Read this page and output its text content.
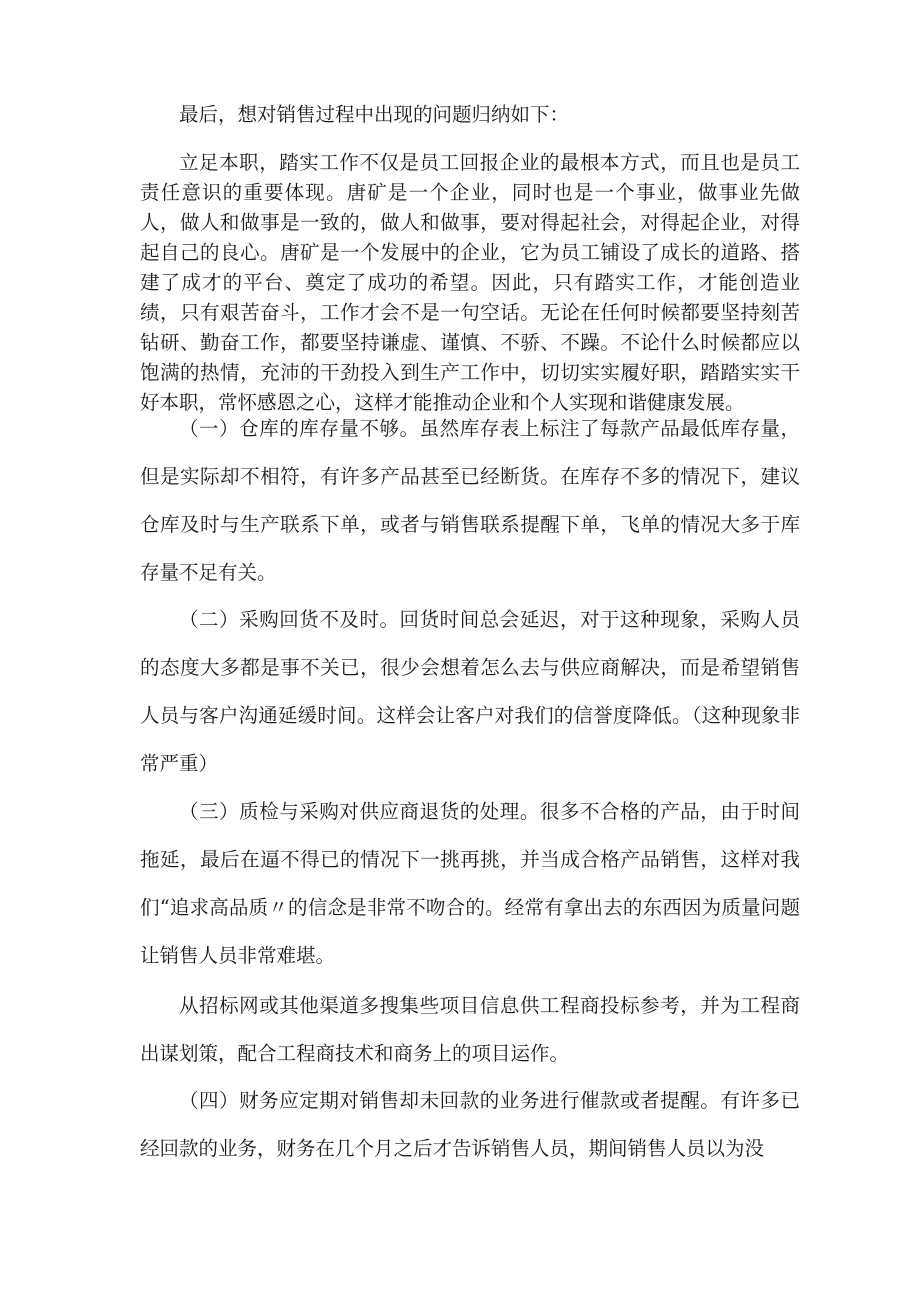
最后，想对销售过程中出现的问题归纳如下：

立足本职，踏实工作不仅是员工回报企业的最根本方式，而且也是员工责任意识的重要体现。唐矿是一个企业，同时也是一个事业，做事业先做人，做人和做事是一致的，做人和做事，要对得起社会，对得起企业，对得起自己的良心。唐矿是一个发展中的企业，它为员工铺设了成长的道路、搭建了成才的平台、奠定了成功的希望。因此，只有踏实工作，才能创造业绩，只有艰苦奋斗，工作才会不是一句空话。无论在任何时候都要坚持刻苦钻研、勤奋工作，都要坚持谦虚、谨慎、不骄、不躁。不论什么时候都应以饱满的热情，充沛的干劲投入到生产工作中，切切实实履好职，踏踏实实干好本职，常怀感恩之心，这样才能推动企业和个人实现和谐健康发展。

（一）仓库的库存量不够。虽然库存表上标注了每款产品最低库存量，但是实际却不相符，有许多产品甚至已经断货。在库存不多的情况下，建议仓库及时与生产联系下单，或者与销售联系提醒下单，飞单的情况大多于库存量不足有关。

（二）采购回货不及时。回货时间总会延迟，对于这种现象，采购人员的态度大多都是事不关已，很少会想着怎么去与供应商解决，而是希望销售人员与客户沟通延缓时间。这样会让客户对我们的信誉度降低。（这种现象非常严重）

（三）质检与采购对供应商退货的处理。很多不合格的产品，由于时间拖延，最后在逼不得已的情况下一挑再挑，并当成合格产品销售，这样对我们“追求高品质〃的信念是非常不吻合的。经常有拿出去的东西因为质量问题让销售人员非常难堪。

从招标网或其他渠道多搜集些项目信息供工程商投标参考，并为工程商出谋划策，配合工程商技术和商务上的项目运作。

（四）财务应定期对销售却未回款的业务进行催款或者提醒。有许多已经回款的业务，财务在几个月之后才告诉销售人员，期间销售人员以为没
